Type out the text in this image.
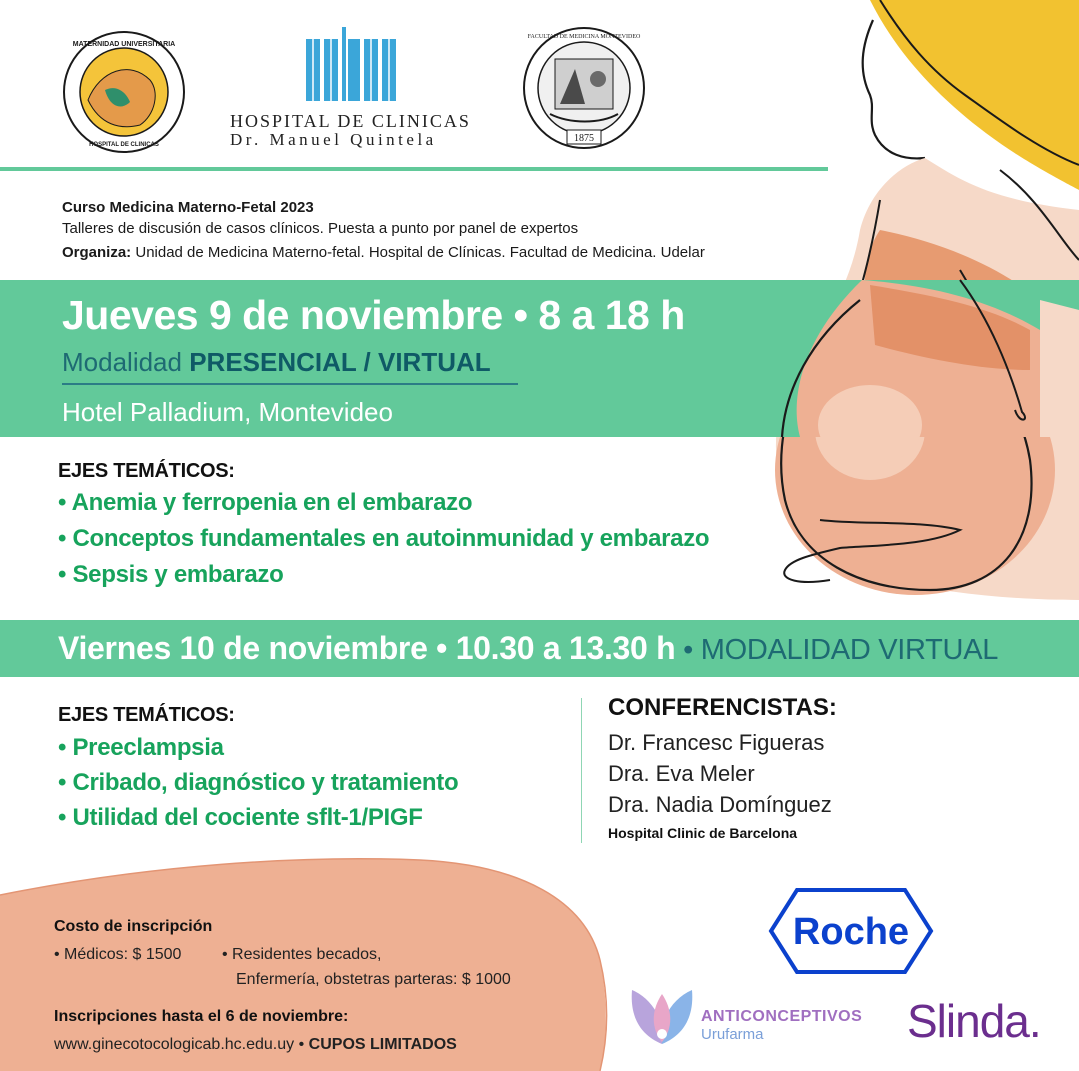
MATERNIDAD UNIVERSITARIA
HOSPITAL DE CLINICAS
HOSPITAL DE CLINICAS
Dr. Manuel Quintela	1875
FACULTAD DE MEDICINA MONTEVIDEO
Curso Medicina Materno-Fetal 2023
Talleres de discusión de casos clínicos. Puesta a punto por panel de expertos
Organiza: Unidad de Medicina Materno-fetal. Hospital de Clínicas. Facultad de Medicina. Udelar
Jueves 9 de noviembre • 8 a 18 h
Modalidad PRESENCIAL / VIRTUAL
Hotel Palladium, Montevideo
EJES TEMÁTICOS:
• Anemia y ferropenia en el embarazo
• Conceptos fundamentales en autoinmunidad y embarazo
• Sepsis y embarazo
Viernes 10 de noviembre • 10.30 a 13.30 h • MODALIDAD VIRTUAL
EJES TEMÁTICOS:
• Preeclampsia
• Cribado, diagnóstico y tratamiento
• Utilidad del cociente sflt-1/PIGF
CONFERENCISTAS:
Dr. Francesc Figueras
Dra. Eva Meler
Dra. Nadia Domínguez
Hospital Clinic de Barcelona
Costo de inscripción
• Médicos: $ 1500	• Residentes becados,
Enfermería, obstetras parteras: $ 1000
Inscripciones hasta el 6 de noviembre:
www.ginecotocologicab.hc.edu.uy • CUPOS LIMITADOS
Roche
ANTICONCEPTIVOS
Urufarma	Slinda.
